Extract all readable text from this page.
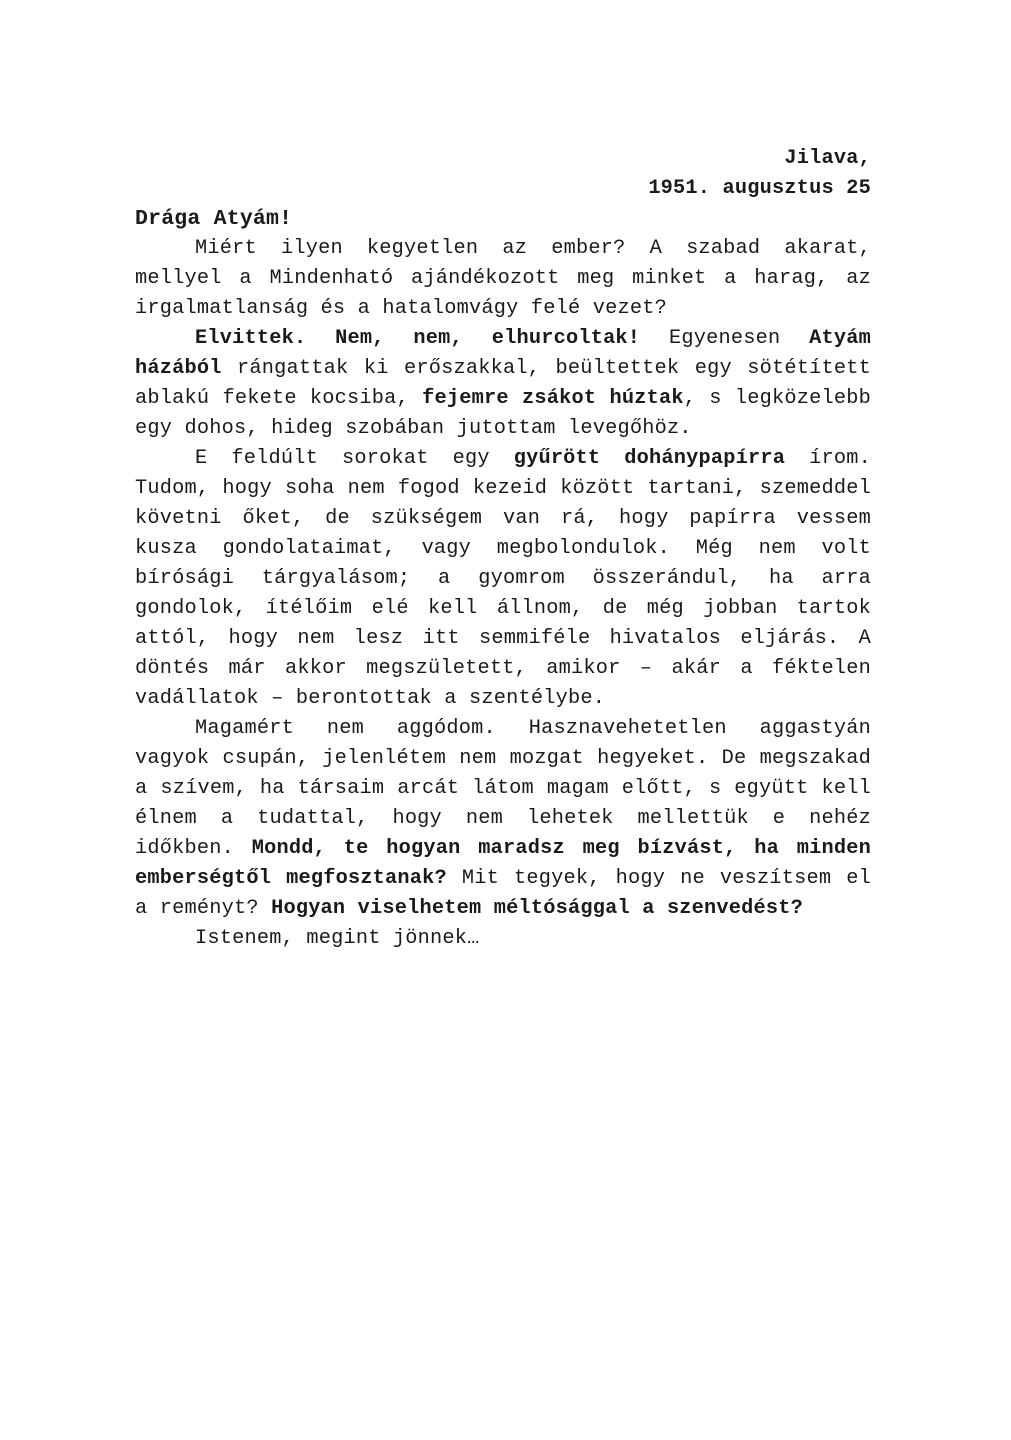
Jilava,
1951. augusztus 25
Drága Atyám!

Miért ilyen kegyetlen az ember? A szabad akarat, mellyel a Mindenható ajándékozott meg minket a harag, az irgalmatlanság és a hatalomvágy felé vezet?

Elvittek. Nem, nem, elhurcoltak! Egyenesen Atyám házából rángattak ki erőszakkal, beültettek egy sötétített ablakú fekete kocsiba, fejemre zsákot húztak, s legközelebb egy dohos, hideg szobában jutottam levegőhöz.

E feldúlt sorokat egy gyűrött dohánypapírra írom. Tudom, hogy soha nem fogod kezeid között tartani, szemeddel követni őket, de szükségem van rá, hogy papírra vessem kusza gondolataimat, vagy megbolondulok. Még nem volt bírósági tárgyalásom; a gyomrom összerándul, ha arra gondolok, ítélőim elé kell állnom, de még jobban tartok attól, hogy nem lesz itt semmiféle hivatalos eljárás. A döntés már akkor megszületett, amikor – akár a féktelen vadállatok – berontottak a szentélybe.

Magamért nem aggódom. Hasznavehetetlen aggastyán vagyok csupán, jelenlétem nem mozgat hegyeket. De megszakad a szívem, ha társaim arcát látom magam előtt, s együtt kell élnem a tudattal, hogy nem lehetek mellettük e nehéz időkben. Mondd, te hogyan maradsz meg bízvást, ha minden emberségtől megfosztanak? Mit tegyek, hogy ne veszítsem el a reményt? Hogyan viselhetem méltósággal a szenvedést?

Istenem, megint jönnek…
